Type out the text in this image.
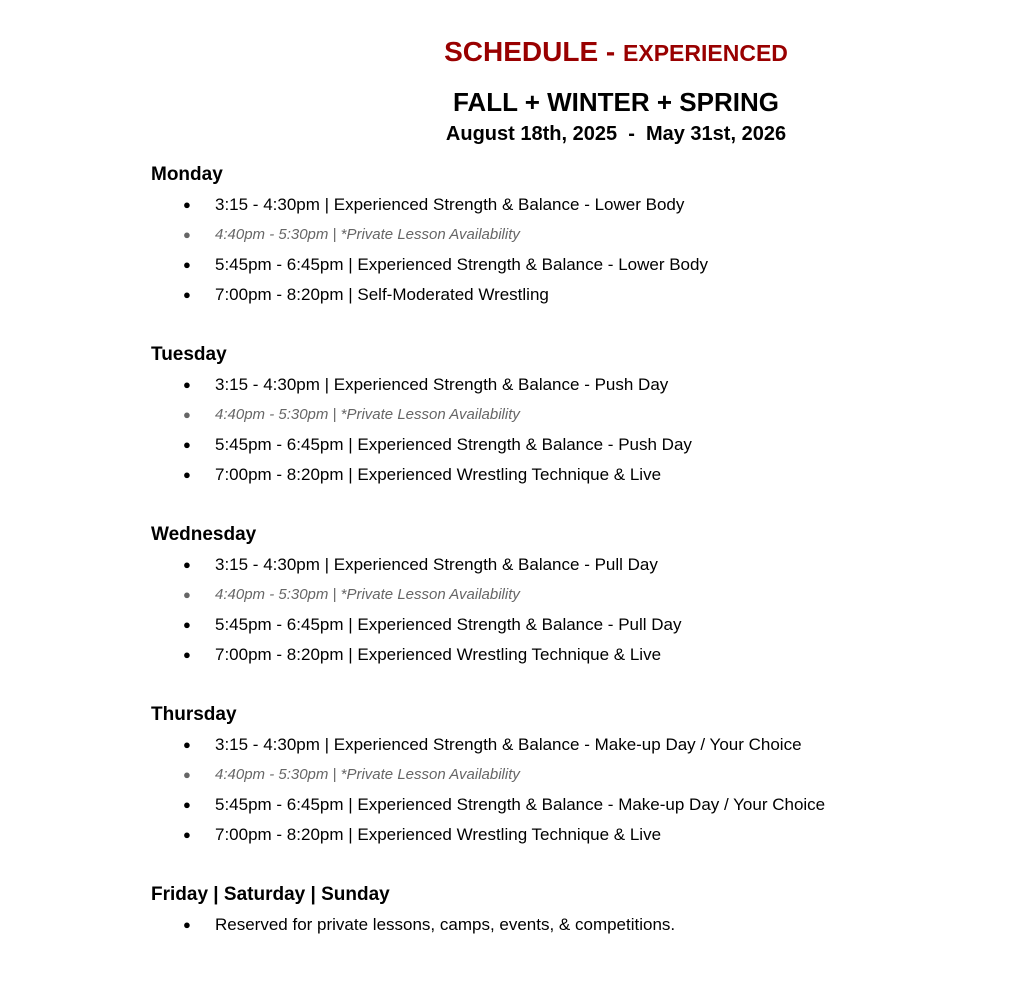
SCHEDULE - EXPERIENCED
FALL + WINTER + SPRING
August 18th, 2025  -  May 31st, 2026
Monday
● 3:15 - 4:30pm | Experienced Strength & Balance - Lower Body
● 4:40pm - 5:30pm | *Private Lesson Availability
● 5:45pm - 6:45pm | Experienced Strength & Balance - Lower Body
● 7:00pm - 8:20pm | Self-Moderated Wrestling
Tuesday
● 3:15 - 4:30pm | Experienced Strength & Balance - Push Day
● 4:40pm - 5:30pm | *Private Lesson Availability
● 5:45pm - 6:45pm | Experienced Strength & Balance - Push Day
● 7:00pm - 8:20pm | Experienced Wrestling Technique & Live
Wednesday
● 3:15 - 4:30pm | Experienced Strength & Balance - Pull Day
● 4:40pm - 5:30pm | *Private Lesson Availability
● 5:45pm - 6:45pm | Experienced Strength & Balance - Pull Day
● 7:00pm - 8:20pm | Experienced Wrestling Technique & Live
Thursday
● 3:15 - 4:30pm | Experienced Strength & Balance - Make-up Day / Your Choice
● 4:40pm - 5:30pm | *Private Lesson Availability
● 5:45pm - 6:45pm | Experienced Strength & Balance - Make-up Day / Your Choice
● 7:00pm - 8:20pm | Experienced Wrestling Technique & Live
Friday | Saturday | Sunday
● Reserved for private lessons, camps, events, & competitions.
